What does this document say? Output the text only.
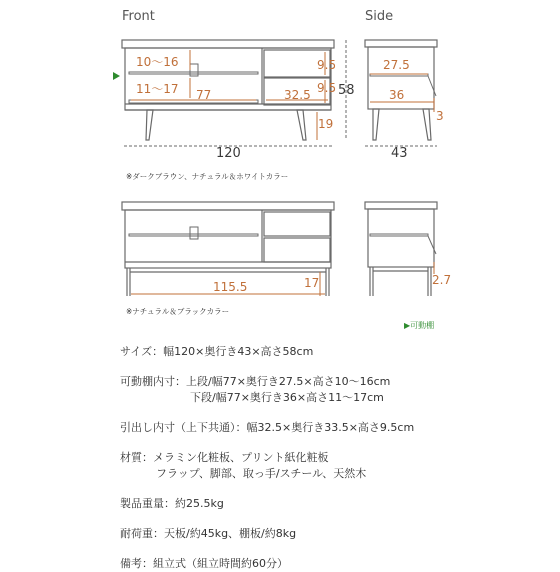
Front
10～16
11～17 77
9.5
9.5
32.5
19
120
58
Side
27.5
36
3
43
※ダークブラウン、ナチュラル＆ホワイトカラー
115.5	17	2.7
※ナチュラル＆ブラックカラー
▶可動棚

サイズ：幅120×奥行き43×高さ58cm

可動棚内寸：上段/幅77×奥行き27.5×高さ10～16cm

下段/幅77×奥行き36×高さ11～17cm

引出し内寸（上下共通）：幅32.5×奥行き33.5×高さ9.5cm

材質：メラミン化粧板、プリント紙化粧板

フラップ、脚部、取っ手/スチール、天然木

製品重量：約25.5kg

耐荷重：天板/約45kg、棚板/約8kg

備考：組立式（組立時間約60分）
